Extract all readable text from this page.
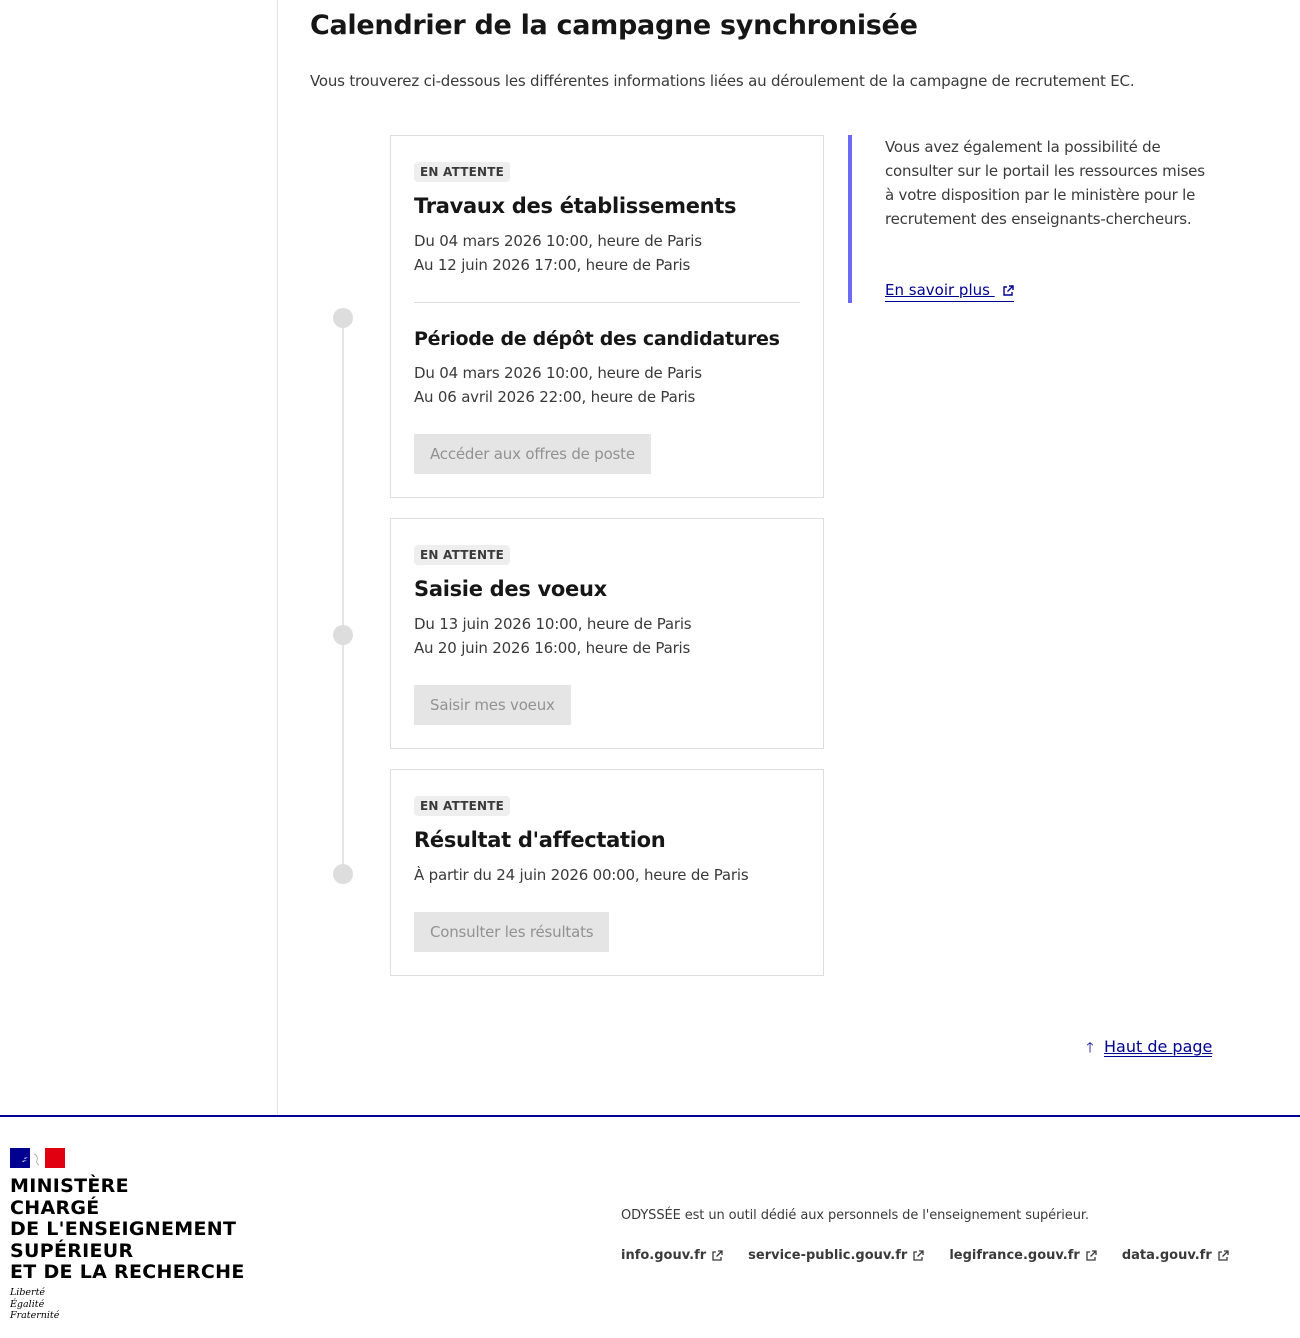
Calendrier de la campagne synchronisée

Vous trouverez ci-dessous les différentes informations liées au déroulement de la campagne de recrutement EC.

EN ATTENTE
Travaux des établissements
Du 04 mars 2026 10:00, heure de Paris
Au 12 juin 2026 17:00, heure de Paris
Période de dépôt des candidatures
Du 04 mars 2026 10:00, heure de Paris
Au 06 avril 2026 22:00, heure de Paris
Accéder aux offres de poste
EN ATTENTE
Saisie des voeux
Du 13 juin 2026 10:00, heure de Paris
Au 20 juin 2026 16:00, heure de Paris
Saisir mes voeux
EN ATTENTE
Résultat d'affectation
À partir du 24 juin 2026 00:00, heure de Paris
Consulter les résultats

Vous avez également la possibilité de consulter sur le portail les ressources mises à votre disposition par le ministère pour le recrutement des enseignants-chercheurs.

En savoir plus
🡑 Haut de page
MINISTÈRE
CHARGÉ
DE L'ENSEIGNEMENT
SUPÉRIEUR
ET DE LA RECHERCHE
Liberté
Égalité
Fraternité

ODYSSÉE est un outil dédié aux personnels de l'enseignement supérieur.

info.gouv.fr	service-public.gouv.fr	legifrance.gouv.fr	data.gouv.fr
